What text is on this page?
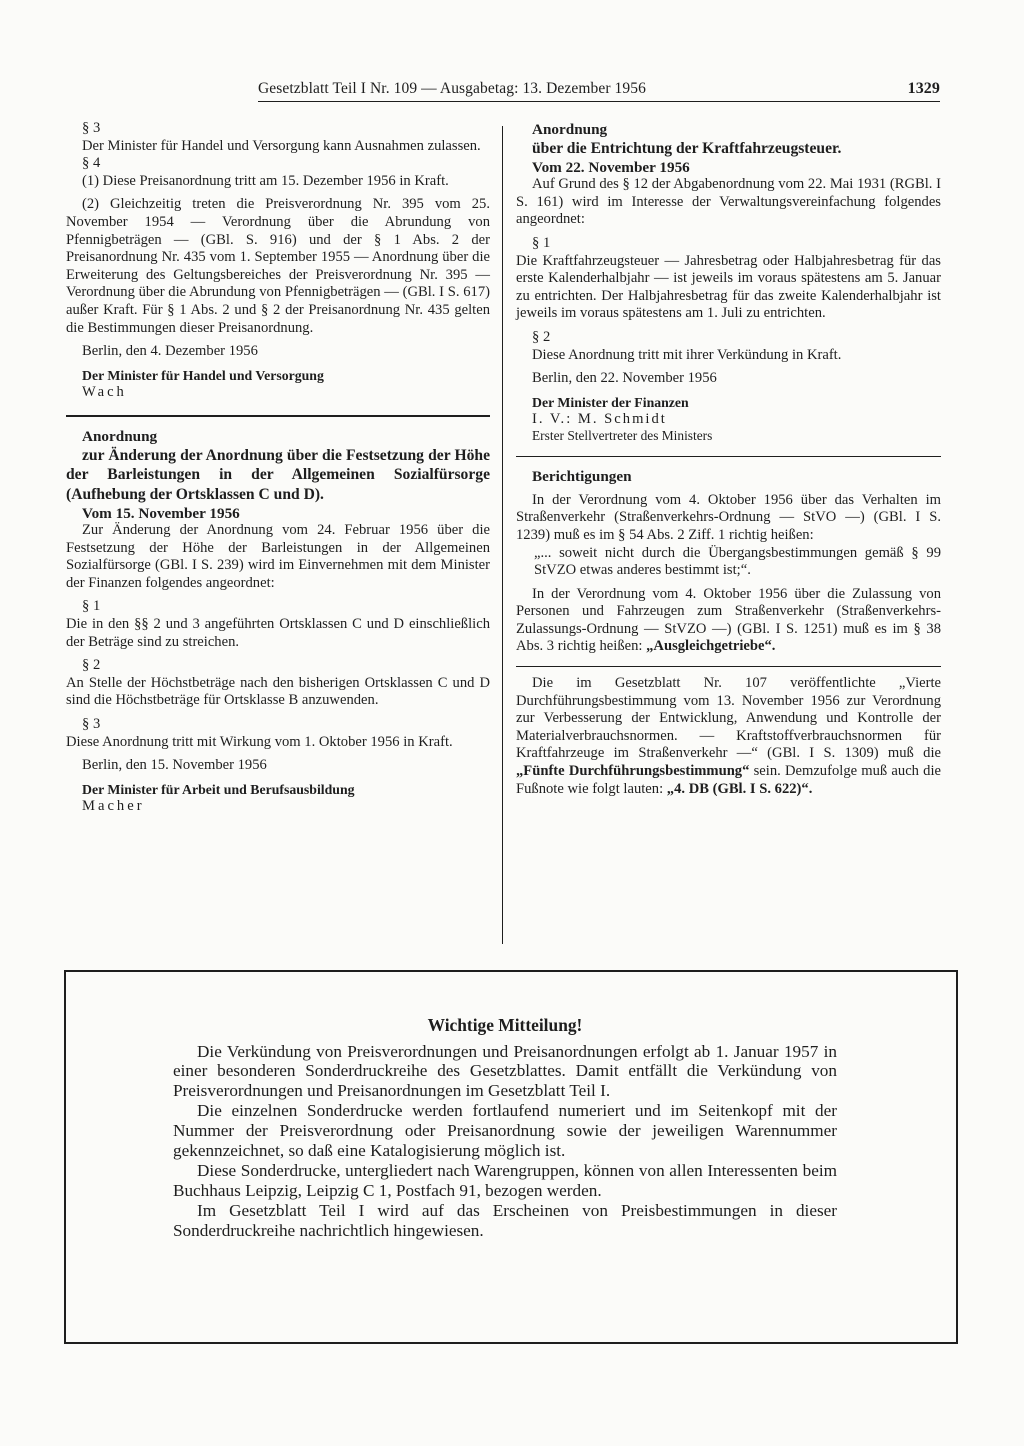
Gesetzblatt Teil I Nr. 109 — Ausgabetag: 13. Dezember 1956	1329

§ 3

Der Minister für Handel und Versorgung kann Ausnahmen zulassen.

§ 4

(1) Diese Preisanordnung tritt am 15. Dezember 1956 in Kraft.

(2) Gleichzeitig treten die Preisverordnung Nr. 395 vom 25. November 1954 — Verordnung über die Abrundung von Pfennigbeträgen — (GBl. S. 916) und der § 1 Abs. 2 der Preisanordnung Nr. 435 vom 1. September 1955 — Anordnung über die Erweiterung des Geltungsbereiches der Preisverordnung Nr. 395 — Verordnung über die Abrundung von Pfennigbeträgen — (GBl. I S. 617) außer Kraft. Für § 1 Abs. 2 und § 2 der Preisanordnung Nr. 435 gelten die Bestimmungen dieser Preisanordnung.

Berlin, den 4. Dezember 1956

Der Minister für Handel und Versorgung

Wach

Anordnung

zur Änderung der Anordnung über die Festsetzung der Höhe der Barleistungen in der Allgemeinen Sozialfürsorge (Aufhebung der Ortsklassen C und D).

Vom 15. November 1956

Zur Änderung der Anordnung vom 24. Februar 1956 über die Festsetzung der Höhe der Barleistungen in der Allgemeinen Sozialfürsorge (GBl. I S. 239) wird im Einvernehmen mit dem Minister der Finanzen folgendes angeordnet:

§ 1

Die in den §§ 2 und 3 angeführten Ortsklassen C und D einschließlich der Beträge sind zu streichen.

§ 2

An Stelle der Höchstbeträge nach den bisherigen Ortsklassen C und D sind die Höchstbeträge für Ortsklasse B anzuwenden.

§ 3

Diese Anordnung tritt mit Wirkung vom 1. Oktober 1956 in Kraft.

Berlin, den 15. November 1956

Der Minister für Arbeit und Berufsausbildung

Macher

Anordnung

über die Entrichtung der Kraftfahrzeugsteuer.

Vom 22. November 1956

Auf Grund des § 12 der Abgabenordnung vom 22. Mai 1931 (RGBl. I S. 161) wird im Interesse der Verwaltungsvereinfachung folgendes angeordnet:

§ 1

Die Kraftfahrzeugsteuer — Jahresbetrag oder Halbjahresbetrag für das erste Kalenderhalbjahr — ist jeweils im voraus spätestens am 5. Januar zu entrichten. Der Halbjahresbetrag für das zweite Kalenderhalbjahr ist jeweils im voraus spätestens am 1. Juli zu entrichten.

§ 2

Diese Anordnung tritt mit ihrer Verkündung in Kraft.

Berlin, den 22. November 1956

Der Minister der Finanzen

I. V.: M. Schmidt

Erster Stellvertreter des Ministers

Berichtigungen

In der Verordnung vom 4. Oktober 1956 über das Verhalten im Straßenverkehr (Straßenverkehrs-Ordnung — StVO —) (GBl. I S. 1239) muß es im § 54 Abs. 2 Ziff. 1 richtig heißen:

„... soweit nicht durch die Übergangsbestimmungen gemäß § 99 StVZO etwas anderes bestimmt ist;“.

In der Verordnung vom 4. Oktober 1956 über die Zulassung von Personen und Fahrzeugen zum Straßenverkehr (Straßenverkehrs-Zulassungs-Ordnung — StVZO —) (GBl. I S. 1251) muß es im § 38 Abs. 3 richtig heißen: „Ausgleichgetriebe“.

Die im Gesetzblatt Nr. 107 veröffentlichte „Vierte Durchführungsbestimmung vom 13. November 1956 zur Verordnung zur Verbesserung der Entwicklung, Anwendung und Kontrolle der Materialverbrauchsnormen. — Kraftstoffverbrauchsnormen für Kraftfahrzeuge im Straßenverkehr —“ (GBl. I S. 1309) muß die „Fünfte Durchführungsbestimmung“ sein. Demzufolge muß auch die Fußnote wie folgt lauten: „4. DB (GBl. I S. 622)“.

Wichtige Mitteilung!

Die Verkündung von Preisverordnungen und Preisanordnungen erfolgt ab 1. Januar 1957 in einer besonderen Sonderdruckreihe des Gesetzblattes. Damit entfällt die Verkündung von Preisverordnungen und Preisanordnungen im Gesetzblatt Teil I.

Die einzelnen Sonderdrucke werden fortlaufend numeriert und im Seitenkopf mit der Nummer der Preisverordnung oder Preisanordnung sowie der jeweiligen Warennummer gekennzeichnet, so daß eine Katalogisierung möglich ist.

Diese Sonderdrucke, untergliedert nach Warengruppen, können von allen Interessenten beim Buchhaus Leipzig, Leipzig C 1, Postfach 91, bezogen werden.

Im Gesetzblatt Teil I wird auf das Erscheinen von Preisbestimmungen in dieser Sonderdruckreihe nachrichtlich hingewiesen.
